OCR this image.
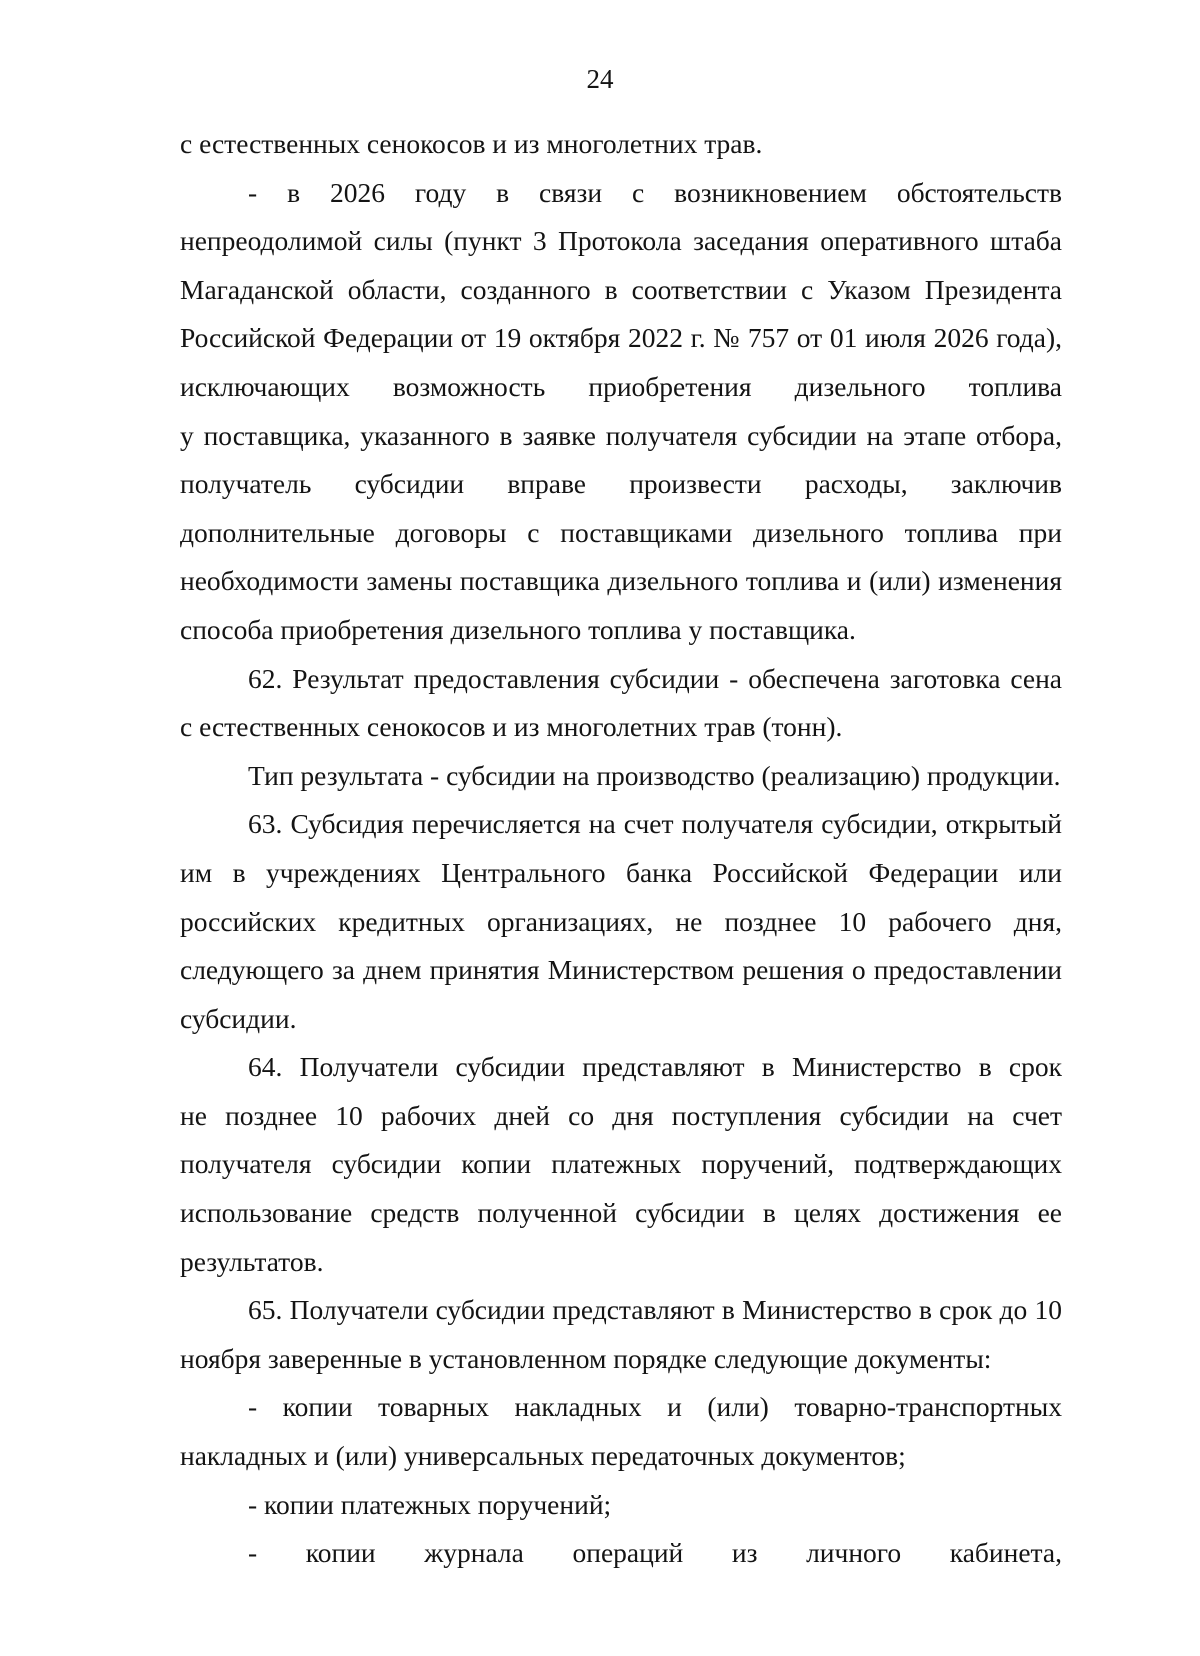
24
с естественных сенокосов и из многолетних трав.
- в 2026 году в связи с возникновением обстоятельств
непреодолимой силы (пункт 3 Протокола заседания оперативного штаба
Магаданской области, созданного в соответствии с Указом Президента
Российской Федерации от 19 октября 2022 г. № 757 от 01 июля 2026 года),
исключающих возможность приобретения дизельного топлива
у поставщика, указанного в заявке получателя субсидии на этапе отбора,
получатель субсидии вправе произвести расходы, заключив
дополнительные договоры с поставщиками дизельного топлива при
необходимости замены поставщика дизельного топлива и (или) изменения
способа приобретения дизельного топлива у поставщика.
62. Результат предоставления субсидии - обеспечена заготовка сена
с естественных сенокосов и из многолетних трав (тонн).
Тип результата - субсидии на производство (реализацию) продукции.
63. Субсидия перечисляется на счет получателя субсидии, открытый
им в учреждениях Центрального банка Российской Федерации или
российских кредитных организациях, не позднее 10 рабочего дня,
следующего за днем принятия Министерством решения о предоставлении
субсидии.
64. Получатели субсидии представляют в Министерство в срок
не позднее 10 рабочих дней со дня поступления субсидии на счет
получателя субсидии копии платежных поручений, подтверждающих
использование средств полученной субсидии в целях достижения ее
результатов.
65. Получатели субсидии представляют в Министерство в срок до 10
ноября заверенные в установленном порядке следующие документы:
- копии товарных накладных и (или) товарно-транспортных
накладных и (или) универсальных передаточных документов;
- копии платежных поручений;
- копии журнала операций из личного кабинета,
